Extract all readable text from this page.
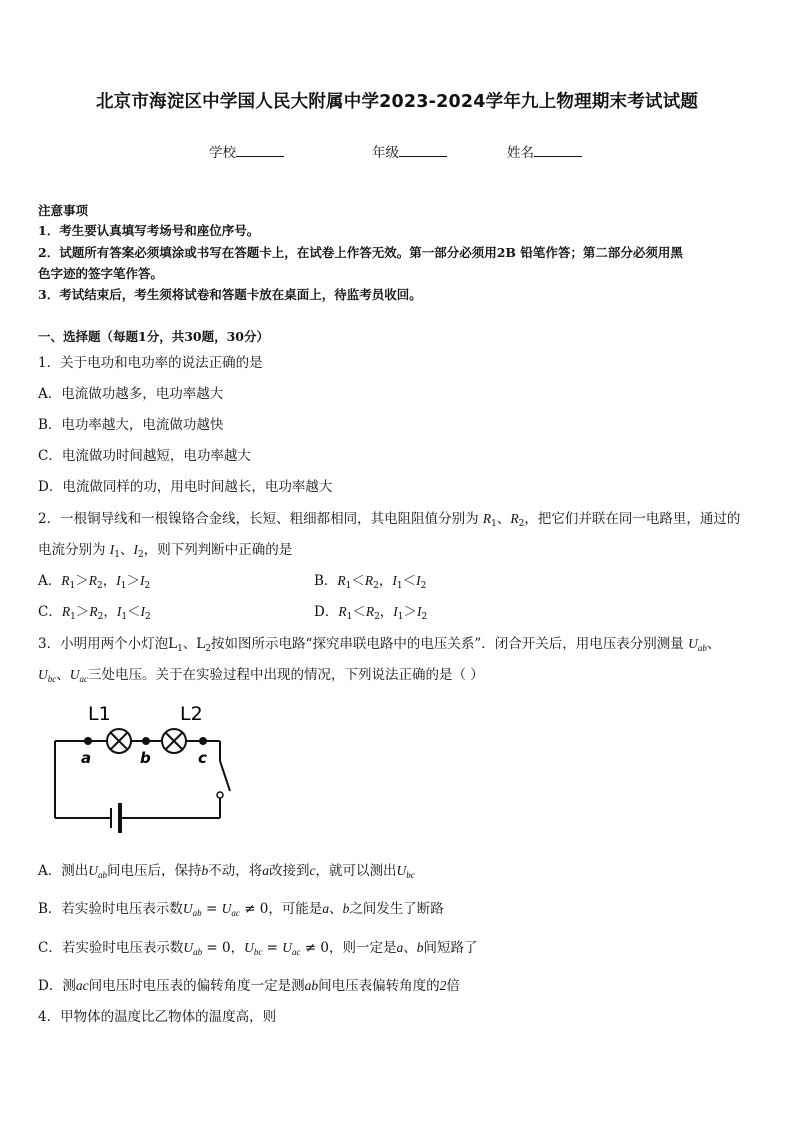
北京市海淀区中学国人民大附属中学2023-2024学年九上物理期末考试试题
学校	年级	姓名
注意事项
1．考生要认真填写考场号和座位序号。
2．试题所有答案必须填涂或书写在答题卡上，在试卷上作答无效。第一部分必须用2B 铅笔作答；第二部分必须用黑
色字迹的签字笔作答。
3．考试结束后，考生须将试卷和答题卡放在桌面上，待监考员收回。
一、选择题（每题1分，共30题，30分）
1．关于电功和电功率的说法正确的是
A．电流做功越多，电功率越大
B．电功率越大，电流做功越快
C．电流做功时间越短，电功率越大
D．电流做同样的功，用电时间越长，电功率越大
2．一根铜导线和一根镍铬合金线，长短、粗细都相同，其电阻阻值分别为 $R_1$、$R_2$，把它们并联在同一电路里，通过的
电流分别为 $I_1$、$I_2$，则下列判断中正确的是
A．$R_1>R_2$，$I_1>I_2$	B．$R_1<R_2$，$I_1<I_2$
C．$R_1>R_2$，$I_1<I_2$	D．$R_1<R_2$，$I_1>I_2$
3．小明用两个小灯泡$L_1$、$L_2$按如图所示电路“探究串联电路中的电压关系”．闭合开关后，用电压表分别测量 $U_{ab}$、
$U_{bc}$、$U_{ac}$三处电压。关于在实验过程中出现的情况，下列说法正确的是（ ）
L1	L2
a	b	c
A．测出$U_{ab}$间电压后，保持b不动，将a改接到c，就可以测出$U_{bc}$
B．若实验时电压表示数$U_{ab} = U_{ac} \ne 0$，可能是a、b之间发生了断路
C．若实验时电压表示数$U_{ab} = 0$，$U_{bc} = U_{ac} \ne 0$，则一定是a、b间短路了
D．测ac间电压时电压表的偏转角度一定是测ab间电压表偏转角度的2倍
4．甲物体的温度比乙物体的温度高，则
